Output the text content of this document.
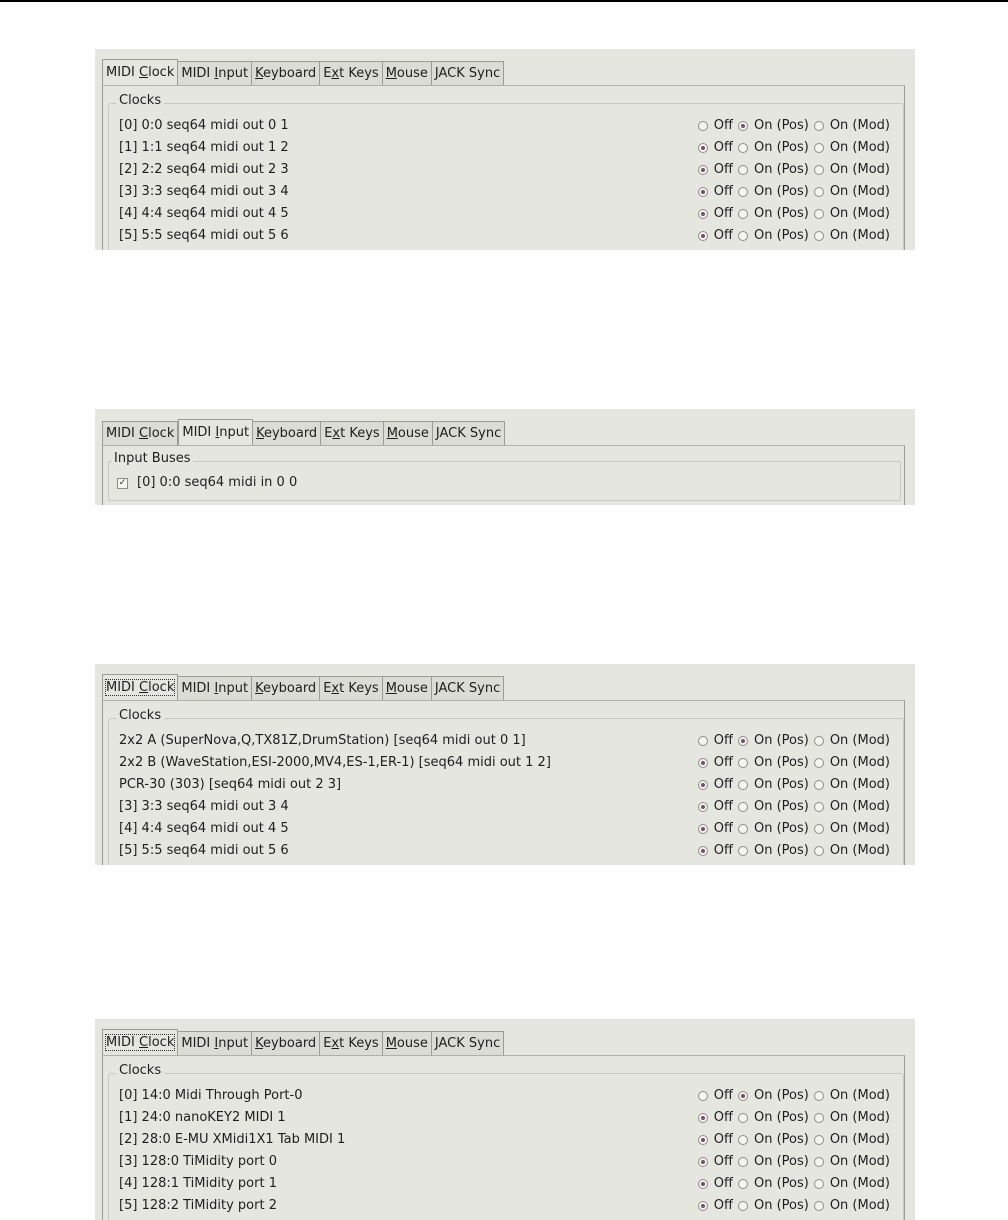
MIDI Clock MIDI Input Keyboard Ext Keys Mouse JACK Sync
Clocks
[0] 0:0 seq64 midi out 0 1	Off On (Pos) On (Mod)
[1] 1:1 seq64 midi out 1 2	Off On (Pos) On (Mod)
[2] 2:2 seq64 midi out 2 3	Off On (Pos) On (Mod)
[3] 3:3 seq64 midi out 3 4	Off On (Pos) On (Mod)
[4] 4:4 seq64 midi out 4 5	Off On (Pos) On (Mod)
[5] 5:5 seq64 midi out 5 6	Off On (Pos) On (Mod)
MIDI Clock MIDI Input Keyboard Ext Keys Mouse JACK Sync
Input Buses
✓ [0] 0:0 seq64 midi in 0 0
MIDI Clock MIDI Input Keyboard Ext Keys Mouse JACK Sync
Clocks
2x2 A (SuperNova,Q,TX81Z,DrumStation) [seq64 midi out 0 1]	Off On (Pos) On (Mod)
2x2 B (WaveStation,ESI-2000,MV4,ES-1,ER-1) [seq64 midi out 1 2]	Off On (Pos) On (Mod)
PCR-30 (303) [seq64 midi out 2 3]	Off On (Pos) On (Mod)
[3] 3:3 seq64 midi out 3 4	Off On (Pos) On (Mod)
[4] 4:4 seq64 midi out 4 5	Off On (Pos) On (Mod)
[5] 5:5 seq64 midi out 5 6	Off On (Pos) On (Mod)
MIDI Clock MIDI Input Keyboard Ext Keys Mouse JACK Sync
Clocks
[0] 14:0 Midi Through Port-0	Off On (Pos) On (Mod)
[1] 24:0 nanoKEY2 MIDI 1	Off On (Pos) On (Mod)
[2] 28:0 E-MU XMidi1X1 Tab MIDI 1	Off On (Pos) On (Mod)
[3] 128:0 TiMidity port 0	Off On (Pos) On (Mod)
[4] 128:1 TiMidity port 1	Off On (Pos) On (Mod)
[5] 128:2 TiMidity port 2	Off On (Pos) On (Mod)
